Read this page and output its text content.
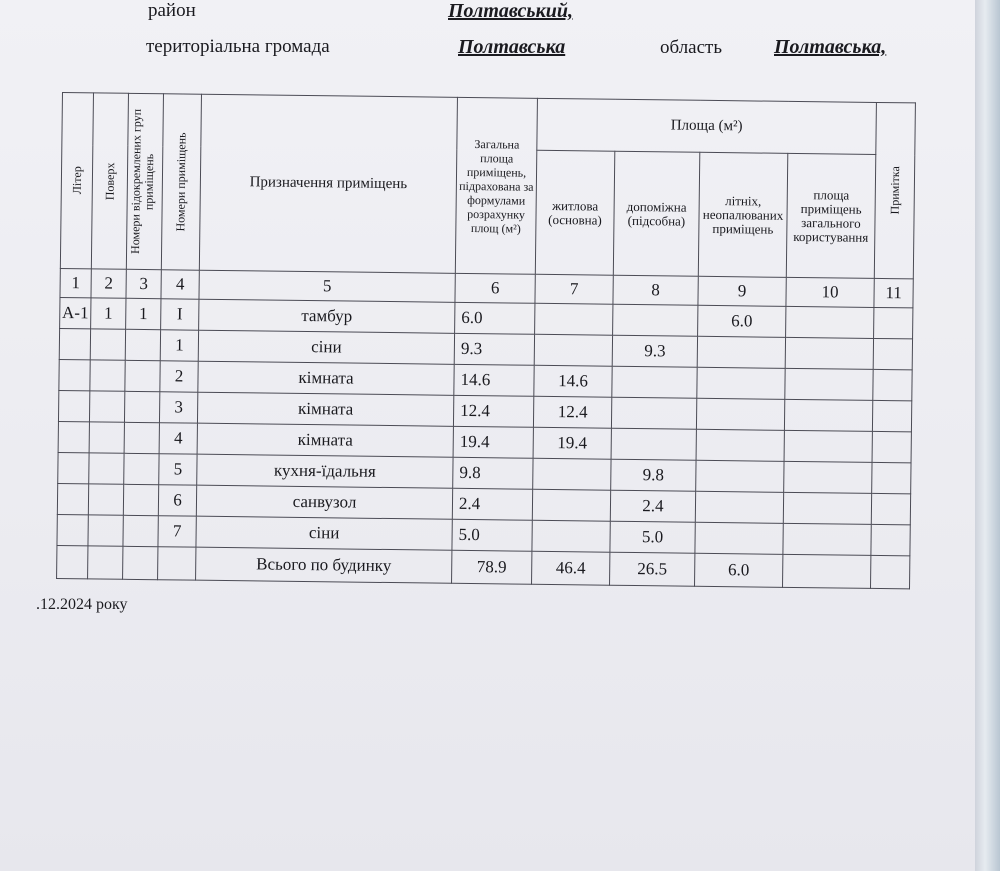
район	Полтавський,
територіальна громада	Полтавська	область	Полтавська,
Літер	Поверх	Номери відокремлених груп приміщень	Номери приміщень	Призначення приміщень	Загальна площа приміщень, підрахована за формулами розрахунку площ (м²)	Площа (м²)				Примітка

						житлова (основна)	допоміжна (підсобна)	літніх, неопалюваних приміщень	площа приміщень загального користування	
1	2	3	4	5	6	7	8	9	10	11
А-1	1	1	I	тамбур	6.0			6.0		
			1	сіни	9.3		9.3			
			2	кімната	14.6	14.6				
			3	кімната	12.4	12.4				
			4	кімната	19.4	19.4				
			5	кухня-їдальня	9.8		9.8			
			6	санвузол	2.4		2.4			
			7	сіни	5.0		5.0			
				Всього по будинку	78.9	46.4	26.5	6.0		
.12.2024 року
